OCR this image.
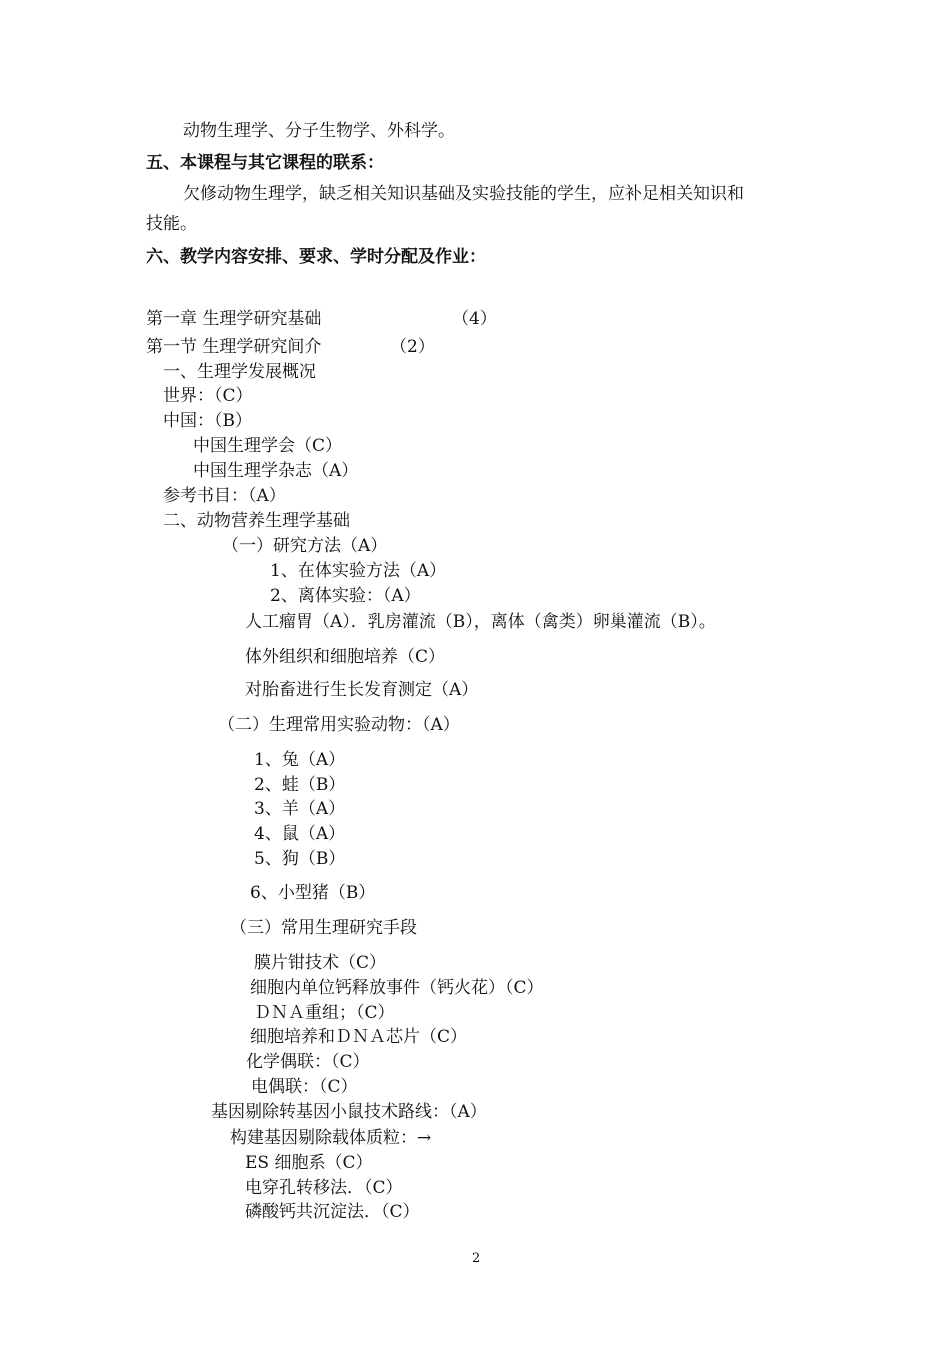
动物生理学、分子生物学、外科学。
五、本课程与其它课程的联系：
欠修动物生理学，缺乏相关知识基础及实验技能的学生，应补足相关知识和
技能。
六、教学内容安排、要求、学时分配及作业：
第一章 生理学研究基础	（4）
第一节 生理学研究间介	（2）
一、生理学发展概况
世界：（C）
中国：（B）
中国生理学会（C）
中国生理学杂志（A）
参考书目：（A）
二、动物营养生理学基础
（一）研究方法（A）
1、在体实验方法（A）
2、离体实验：（A）
人工瘤胃（A）．乳房灌流（B），离体（禽类）卵巢灌流（B）。
体外组织和细胞培养（C）
对胎畜进行生长发育测定（A）
（二）生理常用实验动物：（A）
1、兔（A）
2、蛙（B）
3、羊（A）
4、鼠（A）
5、狗（B）
6、小型猪（B）
（三）常用生理研究手段
膜片钳技术（C）
细胞内单位钙释放事件（钙火花）（C）
ＤＮＡ重组；（C）
细胞培养和ＤＮＡ芯片（C）
化学偶联：（C）
电偶联：（C）
基因剔除转基因小鼠技术路线：（A）
构建基因剔除载体质粒：→
ES 细胞系（C）
电穿孔转移法．（C）
磷酸钙共沉淀法．（C）
2
